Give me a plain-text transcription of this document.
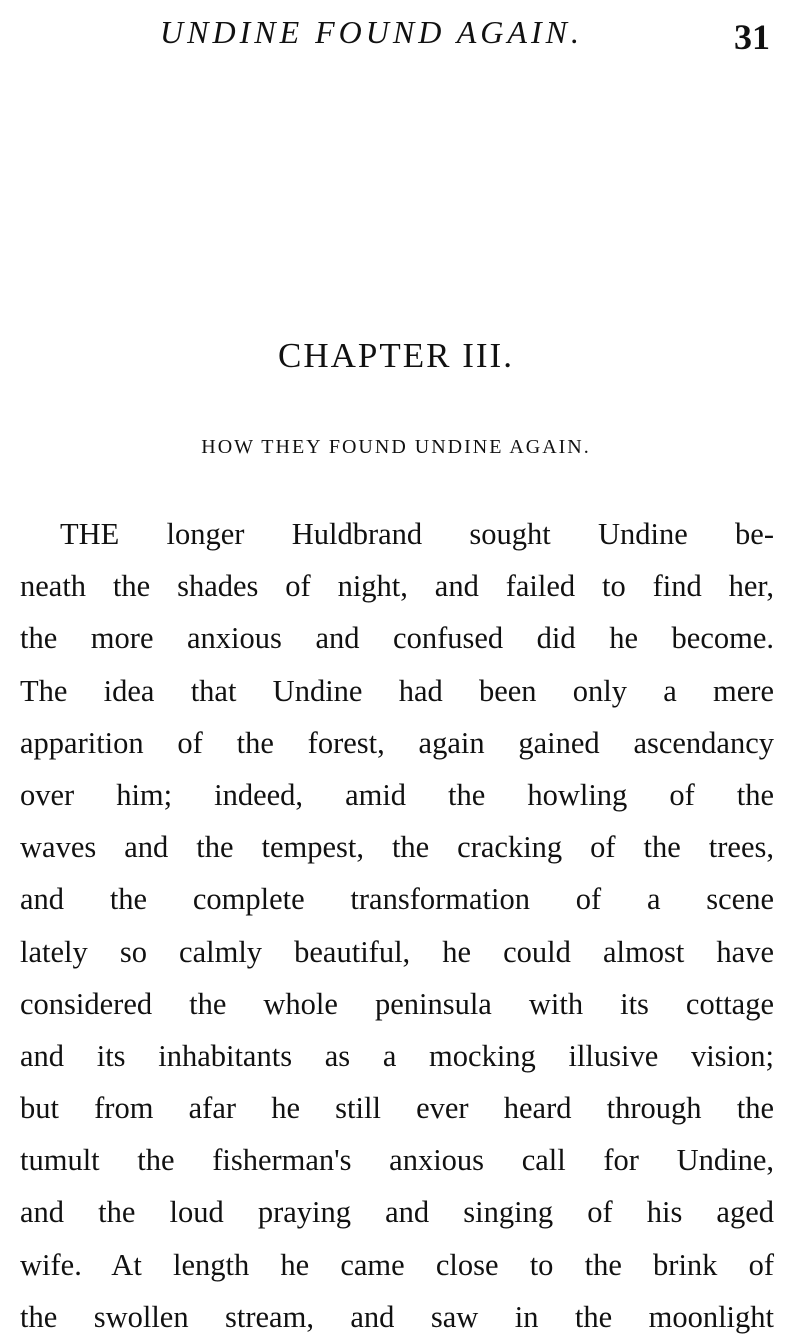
UNDINE FOUND AGAIN.	31
CHAPTER III.
HOW THEY FOUND UNDINE AGAIN.
THE longer Huldbrand sought Undine be-
neath the shades of night, and failed to find her,
the more anxious and confused did he become.
The idea that Undine had been only a mere
apparition of the forest, again gained ascendancy
over him; indeed, amid the howling of the
waves and the tempest, the cracking of the trees,
and the complete transformation of a scene
lately so calmly beautiful, he could almost have
considered the whole peninsula with its cottage
and its inhabitants as a mocking illusive vision;
but from afar he still ever heard through the
tumult the fisherman's anxious call for Undine,
and the loud praying and singing of his aged
wife. At length he came close to the brink of
the swollen stream, and saw in the moonlight
